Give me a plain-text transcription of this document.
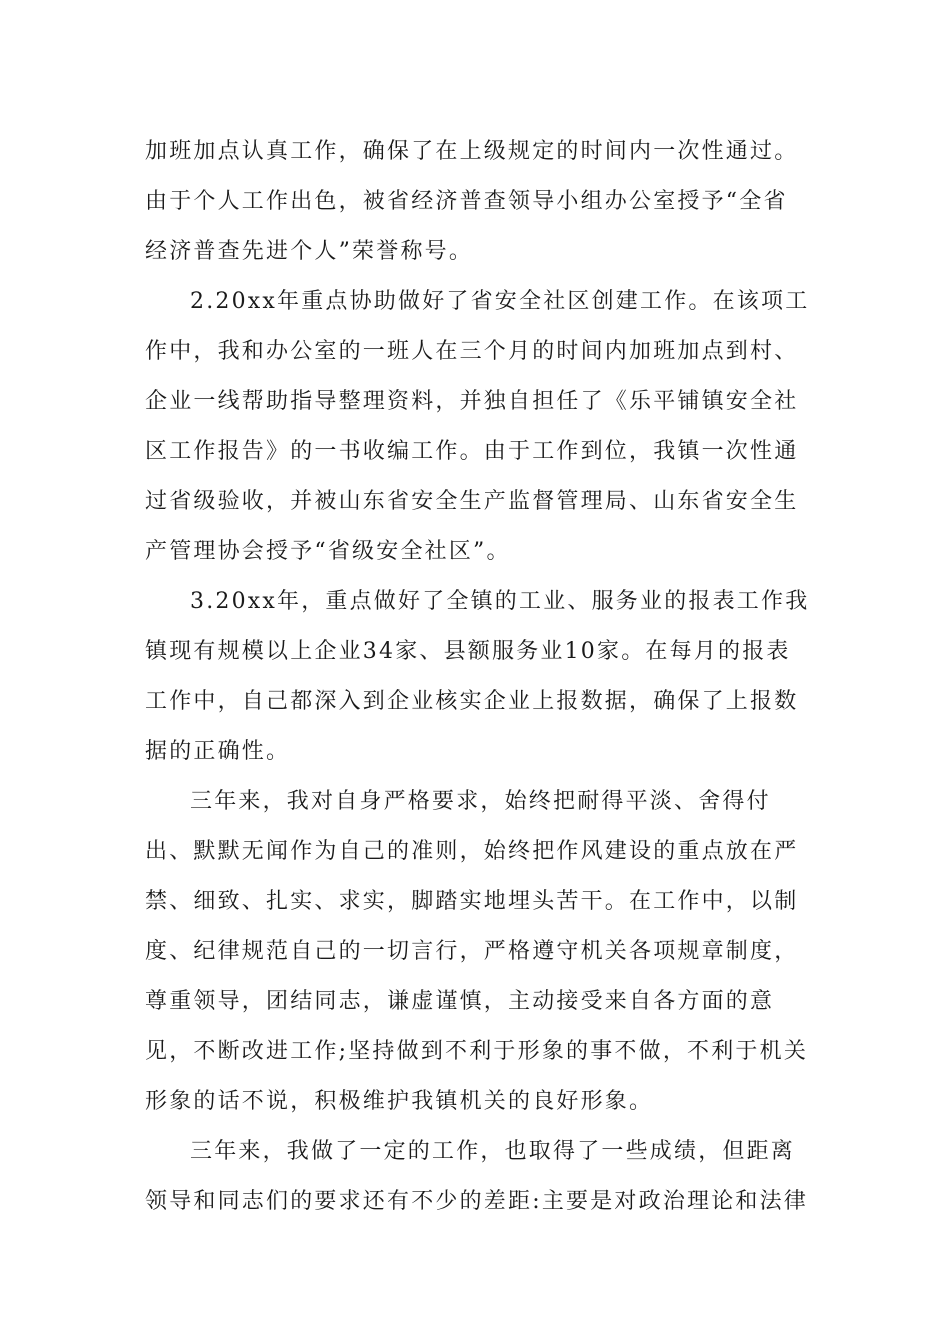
加班加点认真工作，确保了在上级规定的时间内一次性通过。
由于个人工作出色，被省经济普查领导小组办公室授予“全省
经济普查先进个人”荣誉称号。
2.20xx年重点协助做好了省安全社区创建工作。在该项工
作中，我和办公室的一班人在三个月的时间内加班加点到村、
企业一线帮助指导整理资料，并独自担任了《乐平铺镇安全社
区工作报告》的一书收编工作。由于工作到位，我镇一次性通
过省级验收，并被山东省安全生产监督管理局、山东省安全生
产管理协会授予“省级安全社区”。
3.20xx年，重点做好了全镇的工业、服务业的报表工作我
镇现有规模以上企业34家、县额服务业10家。在每月的报表
工作中，自己都深入到企业核实企业上报数据，确保了上报数
据的正确性。
三年来，我对自身严格要求，始终把耐得平淡、舍得付
出、默默无闻作为自己的准则，始终把作风建设的重点放在严
禁、细致、扎实、求实，脚踏实地埋头苦干。在工作中，以制
度、纪律规范自己的一切言行，严格遵守机关各项规章制度，
尊重领导，团结同志，谦虚谨慎，主动接受来自各方面的意
见，不断改进工作;坚持做到不利于形象的事不做，不利于机关
形象的话不说，积极维护我镇机关的良好形象。
三年来，我做了一定的工作，也取得了一些成绩，但距离
领导和同志们的要求还有不少的差距:主要是对政治理论和法律
